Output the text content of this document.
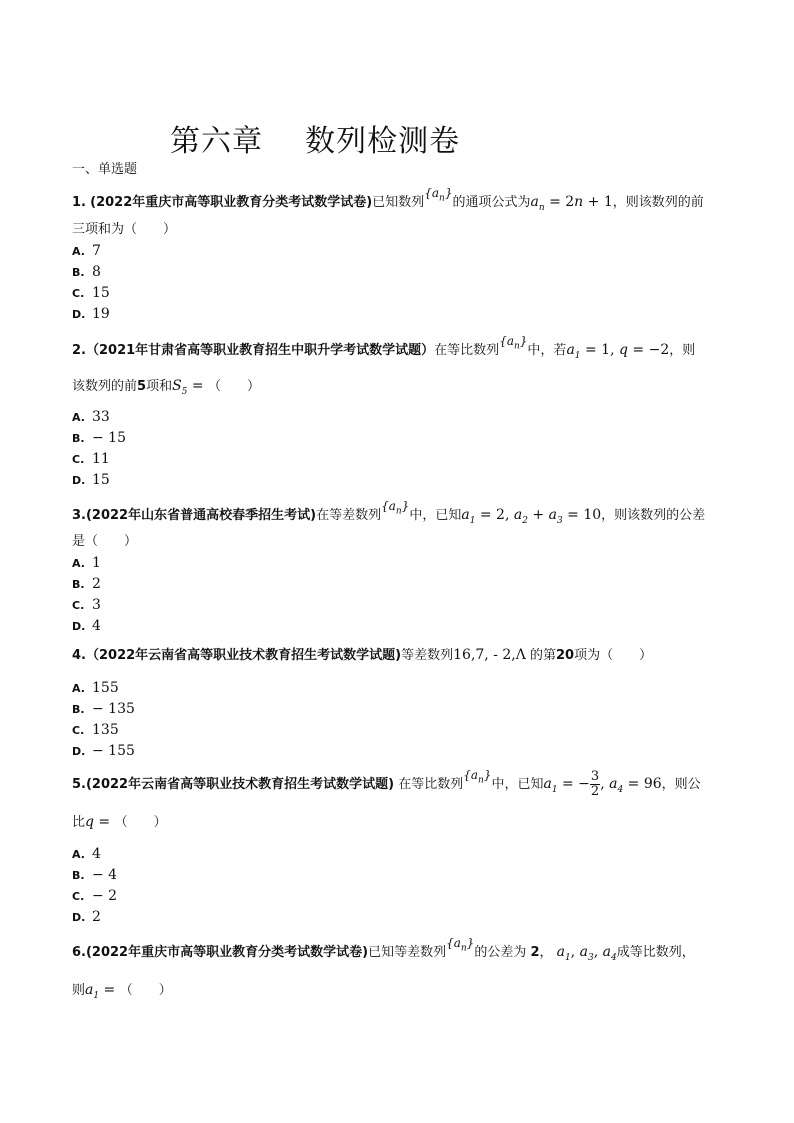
第六章    数列检测卷
一、单选题
1. (2022年重庆市高等职业教育分类考试数学试卷)已知数列$\{a_n\}$的通项公式为$a_n = 2n + 1$，则该数列的前
三项和为（　　）
A. 7
B. 8
C. 15
D. 19
2.（2021年甘肃省高等职业教育招生中职升学考试数学试题）在等比数列$\{a_n\}$中，若$a_1 = 1$, q = −2，则
该数列的前5项和$S_5$ = （　　）
A. 33
B. − 15
C. 11
D. 15
3.(2022年山东省普通高校春季招生考试)在等差数列$\{a_n\}$中，已知$a_1 = 2$, $a_2 + a_3 = 10$，则该数列的公差
是（　　）
A. 1
B. 2
C. 3
D. 4
4.（2022年云南省高等职业技术教育招生考试数学试题)等差数列16,7, - 2,Λ 的第20项为（　　）
A. 155
B. − 135
C. 135
D. − 155
5.(2022年云南省高等职业技术教育招生考试数学试题) 在等比数列$\{a_n\}$中，已知$a_1$ = − $\frac{3}{2}$ , $a_4 = 96$，则公
比q = （　　）
A. 4
B. − 4
C. − 2
D. 2
6.(2022年重庆市高等职业教育分类考试数学试卷)已知等差数列$\{a_n\}$的公差为 2， $a_1$, $a_3$, $a_4$成等比数列，
则$a_1$ = （　　）
